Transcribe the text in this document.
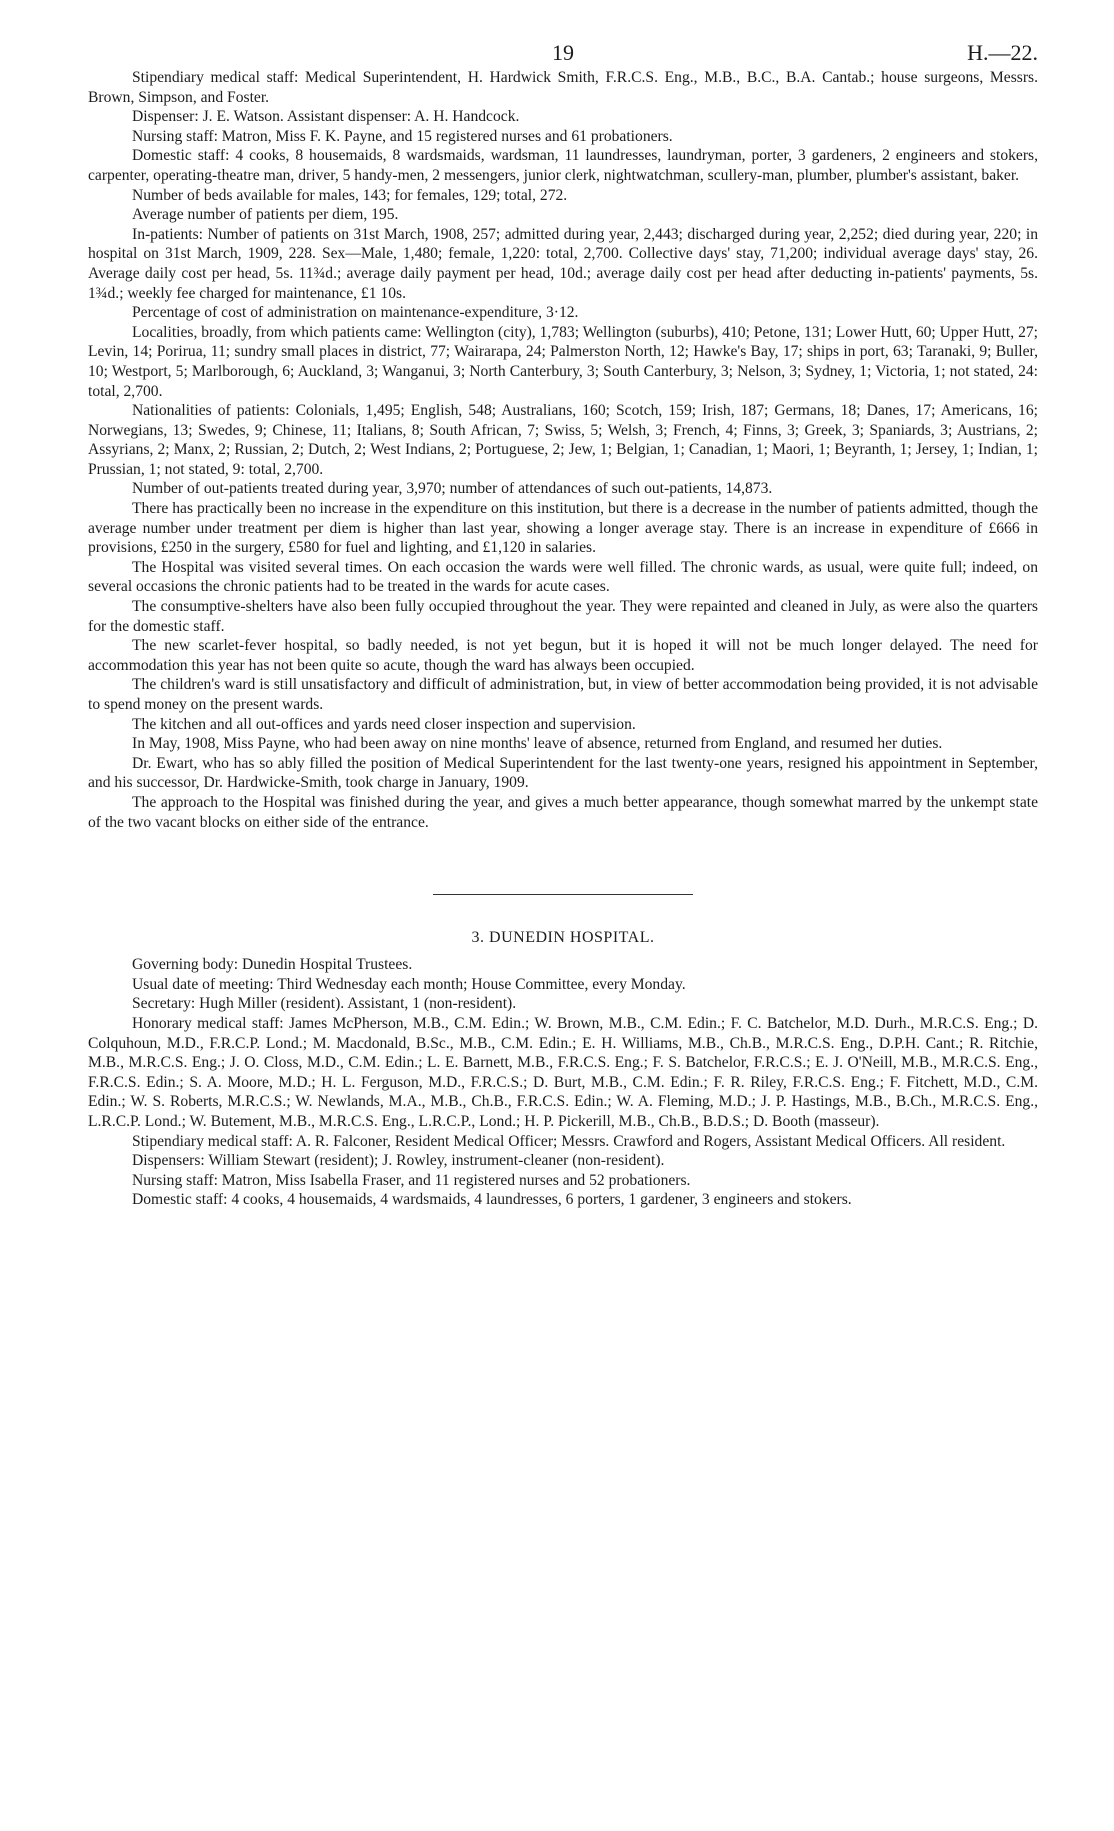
19	H.—22.

Stipendiary medical staff: Medical Superintendent, H. Hardwick Smith, F.R.C.S. Eng., M.B., B.C., B.A. Cantab.; house surgeons, Messrs. Brown, Simpson, and Foster.

Dispenser: J. E. Watson. Assistant dispenser: A. H. Handcock.

Nursing staff: Matron, Miss F. K. Payne, and 15 registered nurses and 61 probationers.

Domestic staff: 4 cooks, 8 housemaids, 8 wardsmaids, wardsman, 11 laundresses, laundryman, porter, 3 gardeners, 2 engineers and stokers, carpenter, operating-theatre man, driver, 5 handy-men, 2 messengers, junior clerk, nightwatchman, scullery-man, plumber, plumber's assistant, baker.

Number of beds available for males, 143; for females, 129; total, 272.

Average number of patients per diem, 195.

In-patients: Number of patients on 31st March, 1908, 257; admitted during year, 2,443; discharged during year, 2,252; died during year, 220; in hospital on 31st March, 1909, 228. Sex—Male, 1,480; female, 1,220: total, 2,700. Collective days' stay, 71,200; individual average days' stay, 26. Average daily cost per head, 5s. 11¾d.; average daily payment per head, 10d.; average daily cost per head after deducting in-patients' payments, 5s. 1¾d.; weekly fee charged for maintenance, £1 10s.

Percentage of cost of administration on maintenance-expenditure, 3·12.

Localities, broadly, from which patients came: Wellington (city), 1,783; Wellington (suburbs), 410; Petone, 131; Lower Hutt, 60; Upper Hutt, 27; Levin, 14; Porirua, 11; sundry small places in district, 77; Wairarapa, 24; Palmerston North, 12; Hawke's Bay, 17; ships in port, 63; Taranaki, 9; Buller, 10; Westport, 5; Marlborough, 6; Auckland, 3; Wanganui, 3; North Canterbury, 3; South Canterbury, 3; Nelson, 3; Sydney, 1; Victoria, 1; not stated, 24: total, 2,700.

Nationalities of patients: Colonials, 1,495; English, 548; Australians, 160; Scotch, 159; Irish, 187; Germans, 18; Danes, 17; Americans, 16; Norwegians, 13; Swedes, 9; Chinese, 11; Italians, 8; South African, 7; Swiss, 5; Welsh, 3; French, 4; Finns, 3; Greek, 3; Spaniards, 3; Austrians, 2; Assyrians, 2; Manx, 2; Russian, 2; Dutch, 2; West Indians, 2; Portuguese, 2; Jew, 1; Belgian, 1; Canadian, 1; Maori, 1; Beyranth, 1; Jersey, 1; Indian, 1; Prussian, 1; not stated, 9: total, 2,700.

Number of out-patients treated during year, 3,970; number of attendances of such out-patients, 14,873.

There has practically been no increase in the expenditure on this institution, but there is a decrease in the number of patients admitted, though the average number under treatment per diem is higher than last year, showing a longer average stay. There is an increase in expenditure of £666 in provisions, £250 in the surgery, £580 for fuel and lighting, and £1,120 in salaries.

The Hospital was visited several times. On each occasion the wards were well filled. The chronic wards, as usual, were quite full; indeed, on several occasions the chronic patients had to be treated in the wards for acute cases.

The consumptive-shelters have also been fully occupied throughout the year. They were repainted and cleaned in July, as were also the quarters for the domestic staff.

The new scarlet-fever hospital, so badly needed, is not yet begun, but it is hoped it will not be much longer delayed. The need for accommodation this year has not been quite so acute, though the ward has always been occupied.

The children's ward is still unsatisfactory and difficult of administration, but, in view of better accommodation being provided, it is not advisable to spend money on the present wards.

The kitchen and all out-offices and yards need closer inspection and supervision.

In May, 1908, Miss Payne, who had been away on nine months' leave of absence, returned from England, and resumed her duties.

Dr. Ewart, who has so ably filled the position of Medical Superintendent for the last twenty-one years, resigned his appointment in September, and his successor, Dr. Hardwicke-Smith, took charge in January, 1909.

The approach to the Hospital was finished during the year, and gives a much better appearance, though somewhat marred by the unkempt state of the two vacant blocks on either side of the entrance.

3. DUNEDIN HOSPITAL.

Governing body: Dunedin Hospital Trustees.

Usual date of meeting: Third Wednesday each month; House Committee, every Monday.

Secretary: Hugh Miller (resident). Assistant, 1 (non-resident).

Honorary medical staff: James McPherson, M.B., C.M. Edin.; W. Brown, M.B., C.M. Edin.; F. C. Batchelor, M.D. Durh., M.R.C.S. Eng.; D. Colquhoun, M.D., F.R.C.P. Lond.; M. Macdonald, B.Sc., M.B., C.M. Edin.; E. H. Williams, M.B., Ch.B., M.R.C.S. Eng., D.P.H. Cant.; R. Ritchie, M.B., M.R.C.S. Eng.; J. O. Closs, M.D., C.M. Edin.; L. E. Barnett, M.B., F.R.C.S. Eng.; F. S. Batchelor, F.R.C.S.; E. J. O'Neill, M.B., M.R.C.S. Eng., F.R.C.S. Edin.; S. A. Moore, M.D.; H. L. Ferguson, M.D., F.R.C.S.; D. Burt, M.B., C.M. Edin.; F. R. Riley, F.R.C.S. Eng.; F. Fitchett, M.D., C.M. Edin.; W. S. Roberts, M.R.C.S.; W. Newlands, M.A., M.B., Ch.B., F.R.C.S. Edin.; W. A. Fleming, M.D.; J. P. Hastings, M.B., B.Ch., M.R.C.S. Eng., L.R.C.P. Lond.; W. Butement, M.B., M.R.C.S. Eng., L.R.C.P., Lond.; H. P. Pickerill, M.B., Ch.B., B.D.S.; D. Booth (masseur).

Stipendiary medical staff: A. R. Falconer, Resident Medical Officer; Messrs. Crawford and Rogers, Assistant Medical Officers. All resident.

Dispensers: William Stewart (resident); J. Rowley, instrument-cleaner (non-resident).

Nursing staff: Matron, Miss Isabella Fraser, and 11 registered nurses and 52 probationers.

Domestic staff: 4 cooks, 4 housemaids, 4 wardsmaids, 4 laundresses, 6 porters, 1 gardener, 3 engineers and stokers.
